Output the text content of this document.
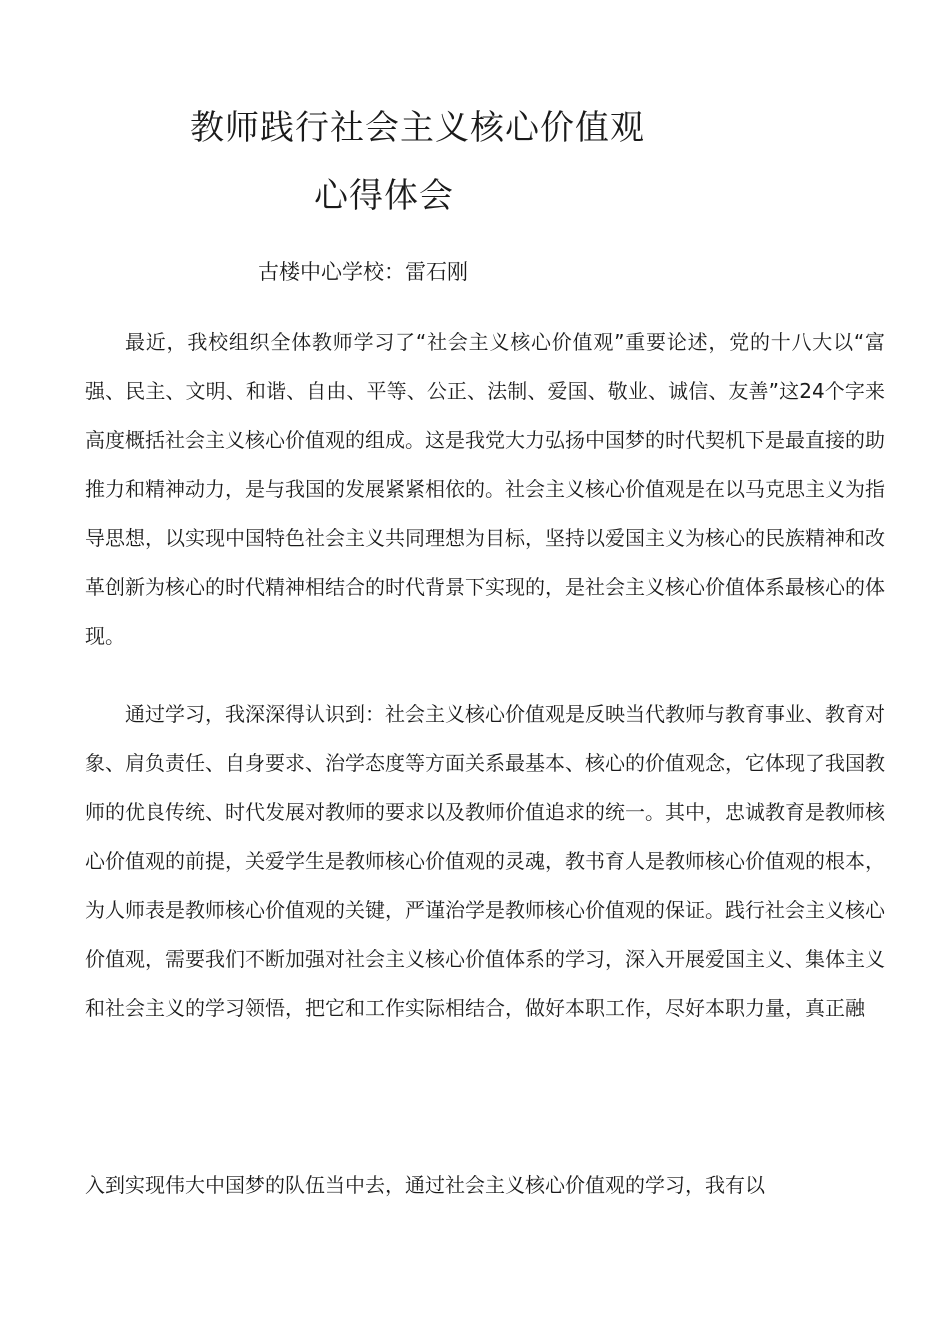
教师践行社会主义核心价值观
心得体会
古楼中心学校：雷石刚

最近，我校组织全体教师学习了“社会主义核心价值观”重要论述，党的十八大以“富强、民主、文明、和谐、自由、平等、公正、法制、爱国、敬业、诚信、友善”这24个字来高度概括社会主义核心价值观的组成。这是我党大力弘扬中国梦的时代契机下是最直接的助推力和精神动力，是与我国的发展紧紧相依的。社会主义核心价值观是在以马克思主义为指导思想，以实现中国特色社会主义共同理想为目标，坚持以爱国主义为核心的民族精神和改革创新为核心的时代精神相结合的时代背景下实现的，是社会主义核心价值体系最核心的体现。

通过学习，我深深得认识到：社会主义核心价值观是反映当代教师与教育事业、教育对象、肩负责任、自身要求、治学态度等方面关系最基本、核心的价值观念，它体现了我国教师的优良传统、时代发展对教师的要求以及教师价值追求的统一。其中，忠诚教育是教师核心价值观的前提，关爱学生是教师核心价值观的灵魂，教书育人是教师核心价值观的根本，为人师表是教师核心价值观的关键，严谨治学是教师核心价值观的保证。践行社会主义核心价值观，需要我们不断加强对社会主义核心价值体系的学习，深入开展爱国主义、集体主义和社会主义的学习领悟，把它和工作实际相结合，做好本职工作，尽好本职力量，真正融

入到实现伟大中国梦的队伍当中去，通过社会主义核心价值观的学习，我有以
